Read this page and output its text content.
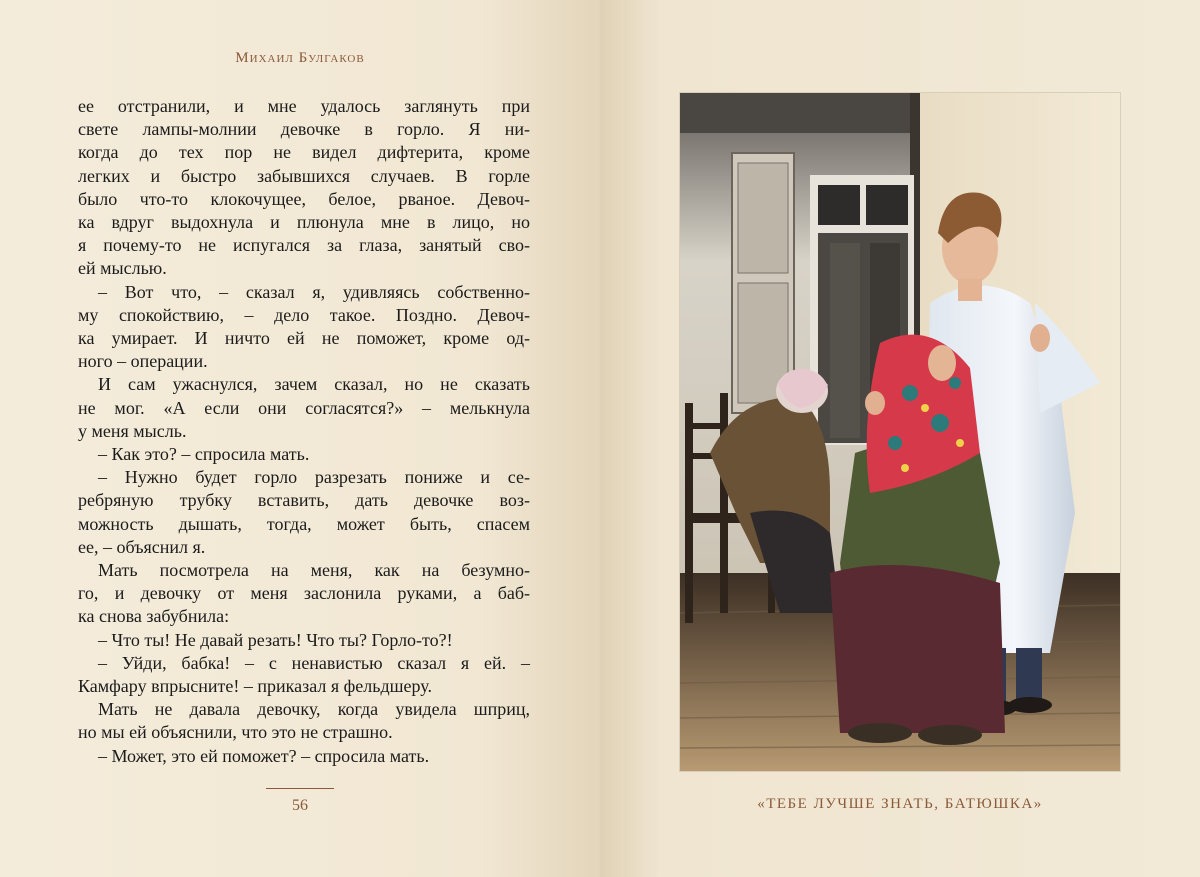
Михаил Булгаков
ее отстранили, и мне удалось заглянуть при
свете лампы-молнии девочке в горло. Я ни-
когда до тех пор не видел дифтерита, кроме
легких и быстро забывшихся случаев. В горле
было что-то клокочущее, белое, рваное. Девоч-
ка вдруг выдохнула и плюнула мне в лицо, но
я почему-то не испугался за глаза, занятый сво-
ей мыслью.
– Вот что, – сказал я, удивляясь собственно-
му спокойствию, – дело такое. Поздно. Девоч-
ка умирает. И ничто ей не поможет, кроме од-
ного – операции.
И сам ужаснулся, зачем сказал, но не сказать
не мог. «А если они согласятся?» – мелькнула
у меня мысль.
– Как это? – спросила мать.
– Нужно будет горло разрезать пониже и се-
ребряную трубку вставить, дать девочке воз-
можность дышать, тогда, может быть, спасем
ее, – объяснил я.
Мать посмотрела на меня, как на безумно-
го, и девочку от меня заслонила руками, а баб-
ка снова забубнила:
– Что ты! Не давай резать! Что ты? Горло-то?!
– Уйди, бабка! – с ненавистью сказал я ей. –
Камфару впрысните! – приказал я фельдшеру.
Мать не давала девочку, когда увидела шприц,
но мы ей объяснили, что это не страшно.
– Может, это ей поможет? – спросила мать.
56	«ТЕБЕ ЛУЧШЕ ЗНАТЬ, БАТЮШКА»
